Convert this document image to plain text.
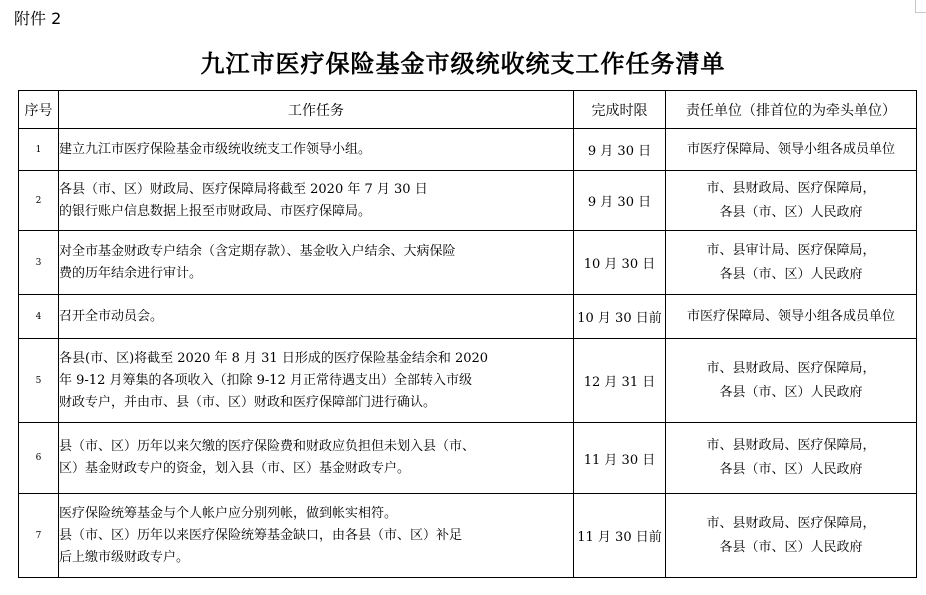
附件 2
九江市医疗保险基金市级统收统支工作任务清单
序号	工作任务	完成时限	责任单位（排首位的为牵头单位）
1	建立九江市医疗保险基金市级统收统支工作领导小组。	9 月 30 日	市医疗保障局、领导小组各成员单位

2	各县（市、区）财政局、医疗保障局将截至 2020 年 7 月 30 日
的银行账户信息数据上报至市财政局、市医疗保障局。	9 月 30 日	市、县财政局、医疗保障局，
各县（市、区）人民政府

3	对全市基金财政专户结余（含定期存款）、基金收入户结余、大病保险
费的历年结余进行审计。	10 月 30 日	市、县审计局、医疗保障局，
各县（市、区）人民政府

4	召开全市动员会。	10 月 30 日前	市医疗保障局、领导小组各成员单位

5	各县(市、区)将截至 2020 年 8 月 31 日形成的医疗保险基金结余和 2020
年 9-12 月筹集的各项收入（扣除 9-12 月正常待遇支出）全部转入市级
财政专户，并由市、县（市、区）财政和医疗保障部门进行确认。	12 月 31 日	市、县财政局、医疗保障局，
各县（市、区）人民政府

6	县（市、区）历年以来欠缴的医疗保险费和财政应负担但未划入县（市、
区）基金财政专户的资金，划入县（市、区）基金财政专户。	11 月 30 日	市、县财政局、医疗保障局，
各县（市、区）人民政府

7	医疗保险统筹基金与个人帐户应分别列帐，做到帐实相符。
县（市、区）历年以来医疗保险统筹基金缺口，由各县（市、区）补足
后上缴市级财政专户。	11 月 30 日前	市、县财政局、医疗保障局，
各县（市、区）人民政府
